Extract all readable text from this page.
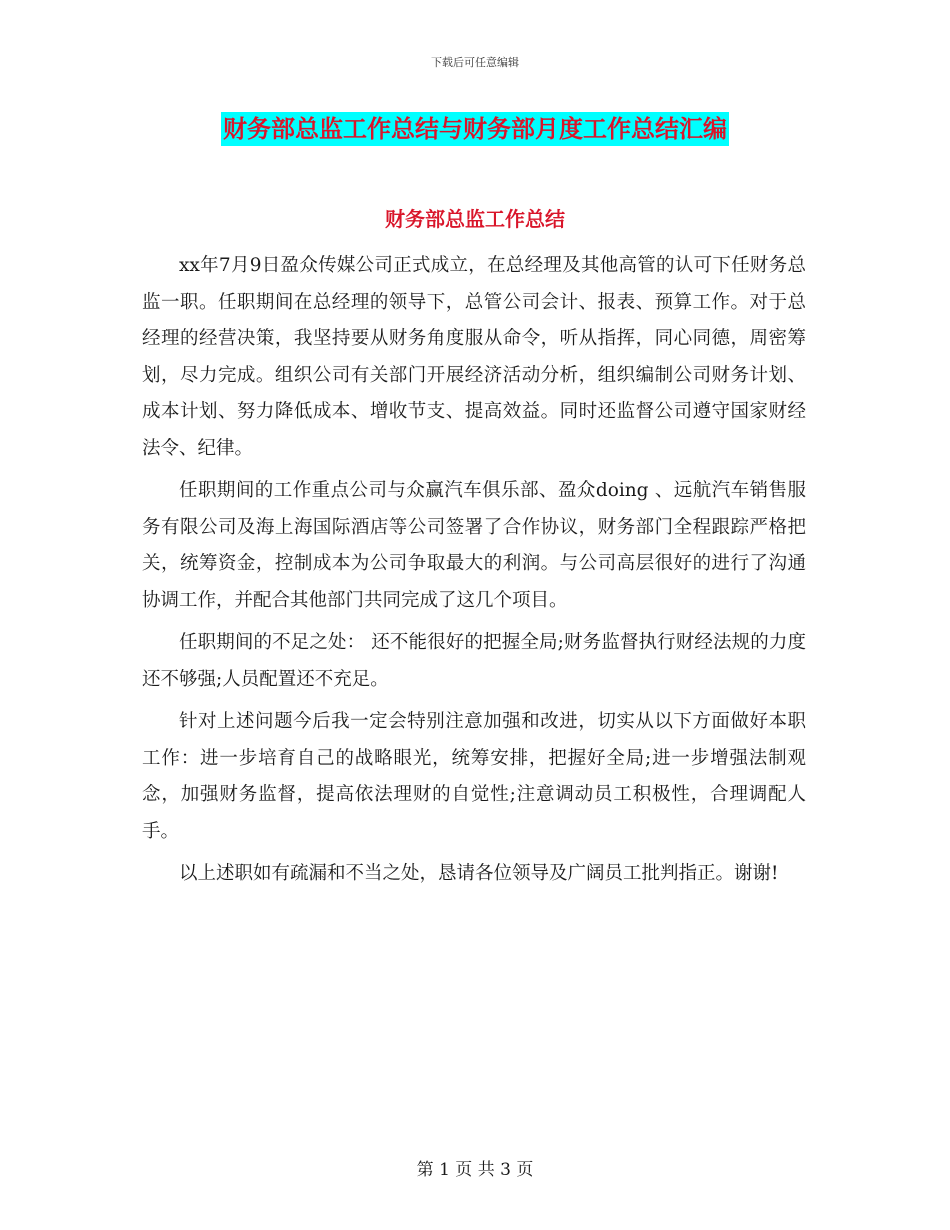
下载后可任意编辑
财务部总监工作总结与财务部月度工作总结汇编
财务部总监工作总结

xx年7月9日盈众传媒公司正式成立，在总经理及其他高管的认可下任财务总监一职。任职期间在总经理的领导下，总管公司会计、报表、预算工作。对于总经理的经营决策，我坚持要从财务角度服从命令，听从指挥，同心同德，周密筹划，尽力完成。组织公司有关部门开展经济活动分析，组织编制公司财务计划、成本计划、努力降低成本、增收节支、提高效益。同时还监督公司遵守国家财经法令、纪律。

任职期间的工作重点公司与众赢汽车俱乐部、盈众doing 、远航汽车销售服务有限公司及海上海国际酒店等公司签署了合作协议，财务部门全程跟踪严格把关，统筹资金，控制成本为公司争取最大的利润。与公司高层很好的进行了沟通协调工作，并配合其他部门共同完成了这几个项目。

任职期间的不足之处： 还不能很好的把握全局;财务监督执行财经法规的力度还不够强;人员配置还不充足。

针对上述问题今后我一定会特别注意加强和改进，切实从以下方面做好本职工作：进一步培育自己的战略眼光，统筹安排，把握好全局;进一步增强法制观念，加强财务监督，提高依法理财的自觉性;注意调动员工积极性，合理调配人手。

以上述职如有疏漏和不当之处，恳请各位领导及广阔员工批判指正。谢谢!

第 1 页 共 3 页
